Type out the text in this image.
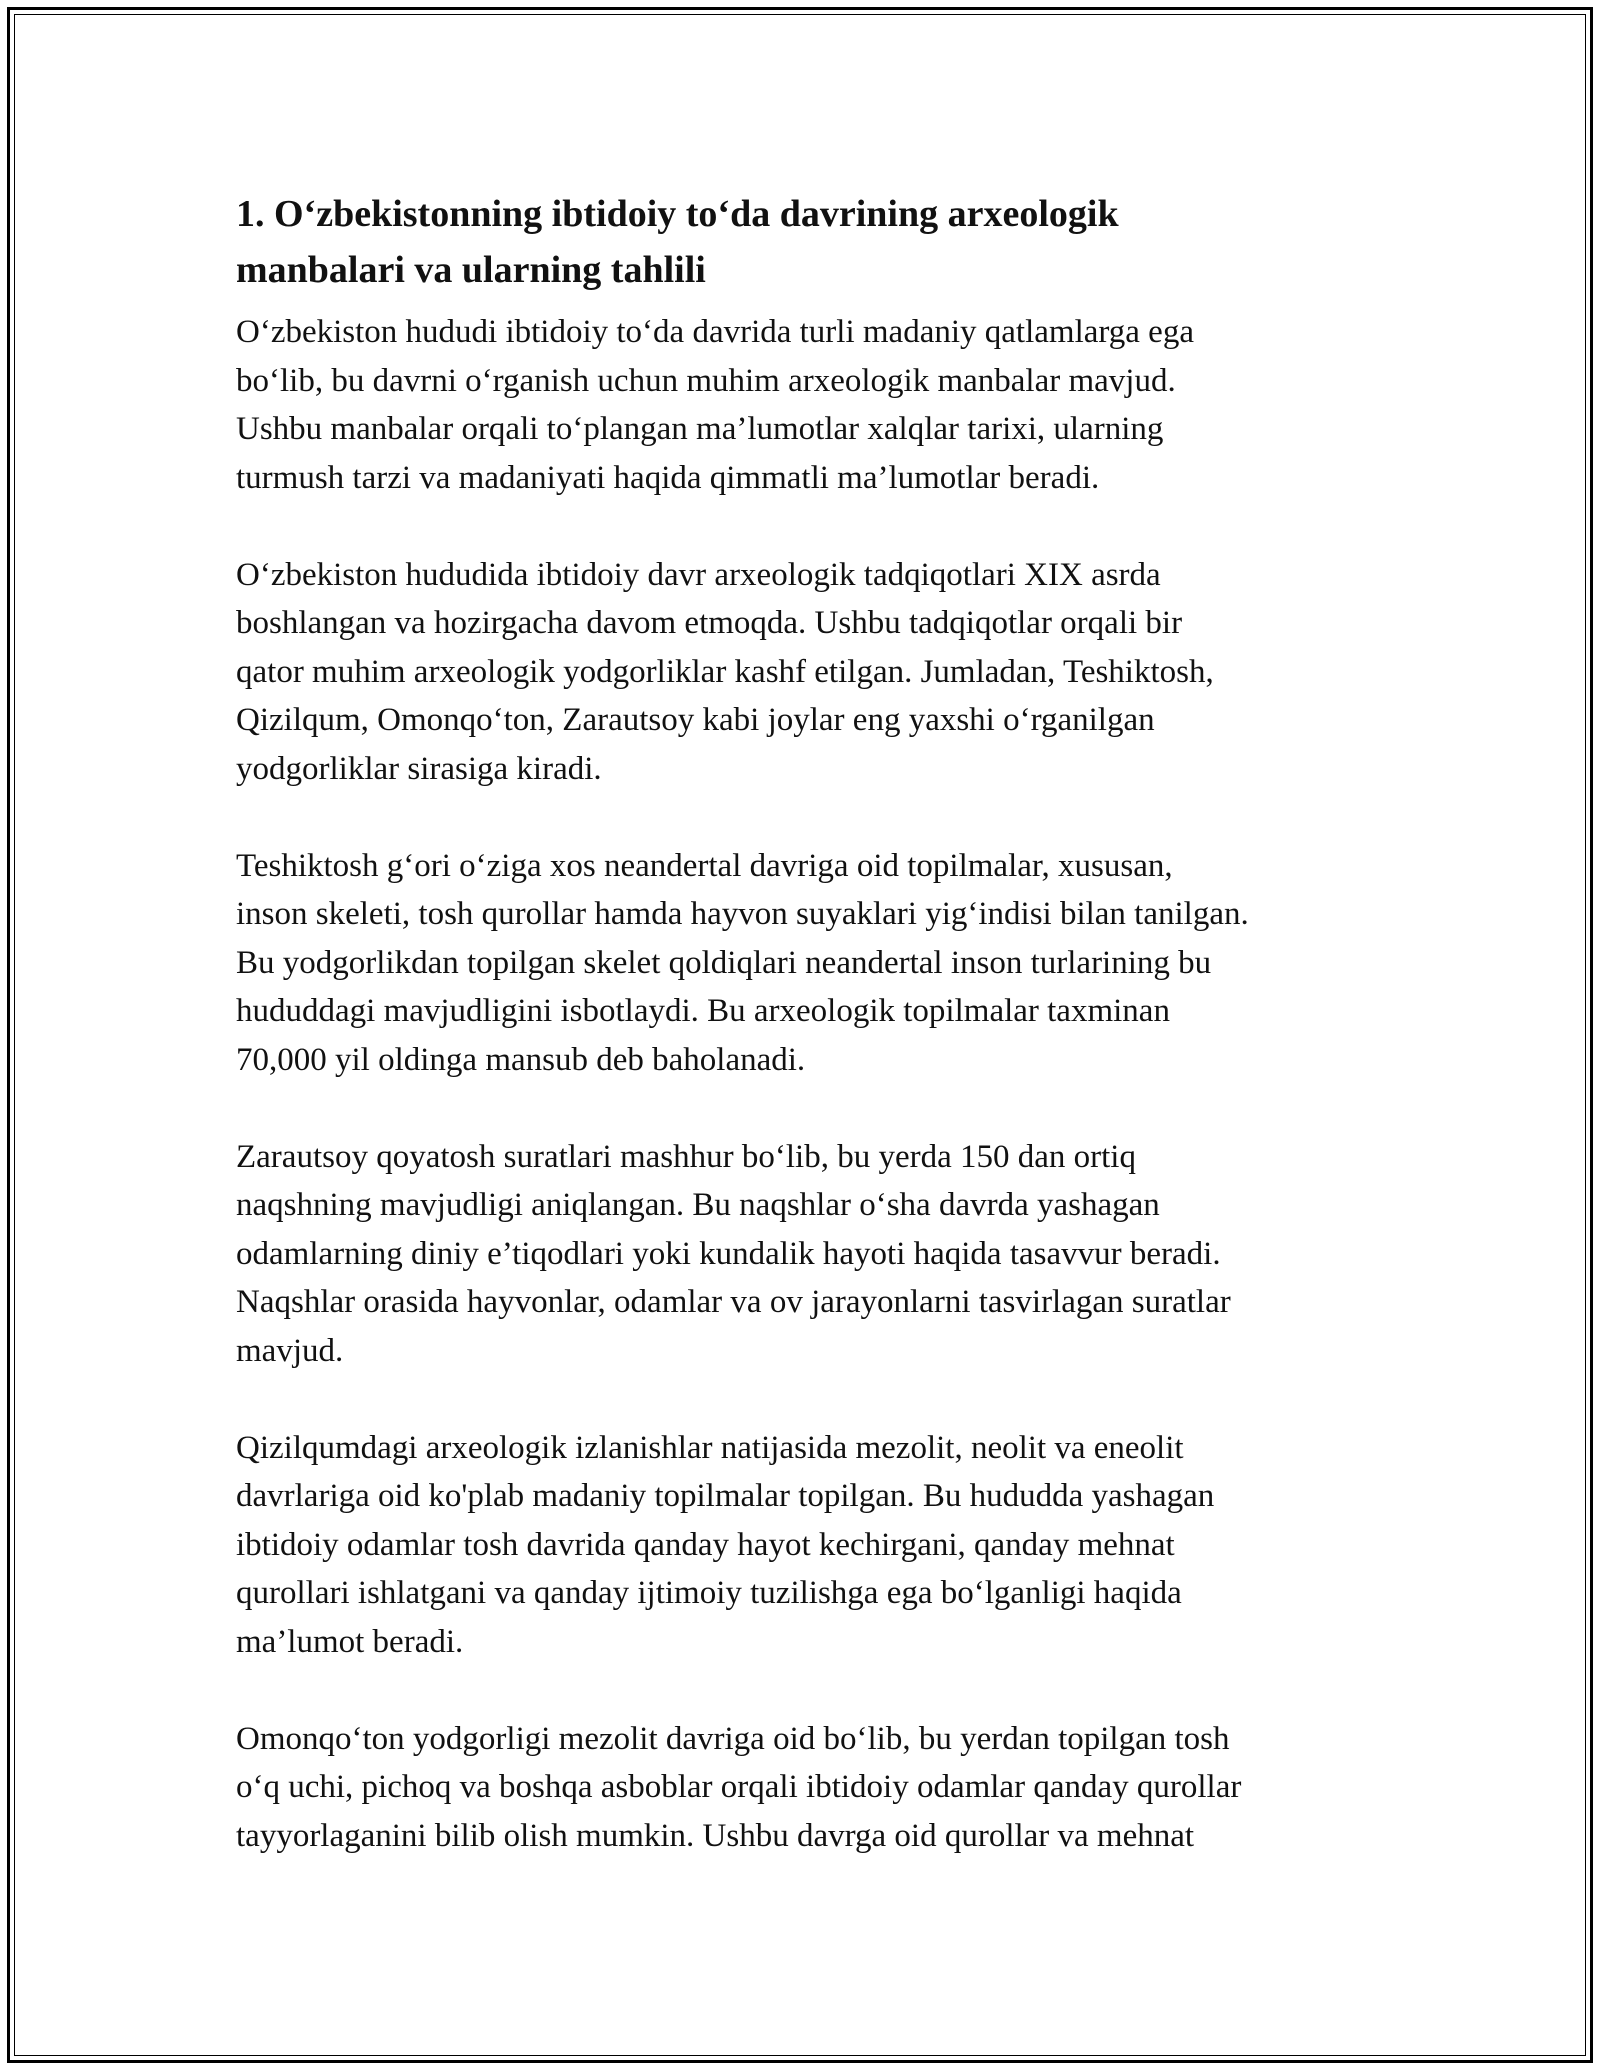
1. O‘zbekistonning ibtidoiy to‘da davrining arxeologik
manbalari va ularning tahlili

O‘zbekiston hududi ibtidoiy to‘da davrida turli madaniy qatlamlarga ega
bo‘lib, bu davrni o‘rganish uchun muhim arxeologik manbalar mavjud.
Ushbu manbalar orqali to‘plangan ma’lumotlar xalqlar tarixi, ularning
turmush tarzi va madaniyati haqida qimmatli ma’lumotlar beradi.

O‘zbekiston hududida ibtidoiy davr arxeologik tadqiqotlari XIX asrda
boshlangan va hozirgacha davom etmoqda. Ushbu tadqiqotlar orqali bir
qator muhim arxeologik yodgorliklar kashf etilgan. Jumladan, Teshiktosh,
Qizilqum, Omonqo‘ton, Zarautsoy kabi joylar eng yaxshi o‘rganilgan
yodgorliklar sirasiga kiradi.

Teshiktosh g‘ori o‘ziga xos neandertal davriga oid topilmalar, xususan,
inson skeleti, tosh qurollar hamda hayvon suyaklari yig‘indisi bilan tanilgan.
Bu yodgorlikdan topilgan skelet qoldiqlari neandertal inson turlarining bu
hududdagi mavjudligini isbotlaydi. Bu arxeologik topilmalar taxminan
70,000 yil oldinga mansub deb baholanadi.

Zarautsoy qoyatosh suratlari mashhur bo‘lib, bu yerda 150 dan ortiq
naqshning mavjudligi aniqlangan. Bu naqshlar o‘sha davrda yashagan
odamlarning diniy e’tiqodlari yoki kundalik hayoti haqida tasavvur beradi.
Naqshlar orasida hayvonlar, odamlar va ov jarayonlarni tasvirlagan suratlar
mavjud.

Qizilqumdagi arxeologik izlanishlar natijasida mezolit, neolit va eneolit
davrlariga oid ko'plab madaniy topilmalar topilgan. Bu hududda yashagan
ibtidoiy odamlar tosh davrida qanday hayot kechirgani, qanday mehnat
qurollari ishlatgani va qanday ijtimoiy tuzilishga ega bo‘lganligi haqida
ma’lumot beradi.

Omonqo‘ton yodgorligi mezolit davriga oid bo‘lib, bu yerdan topilgan tosh
o‘q uchi, pichoq va boshqa asboblar orqali ibtidoiy odamlar qanday qurollar
tayyorlaganini bilib olish mumkin. Ushbu davrga oid qurollar va mehnat
